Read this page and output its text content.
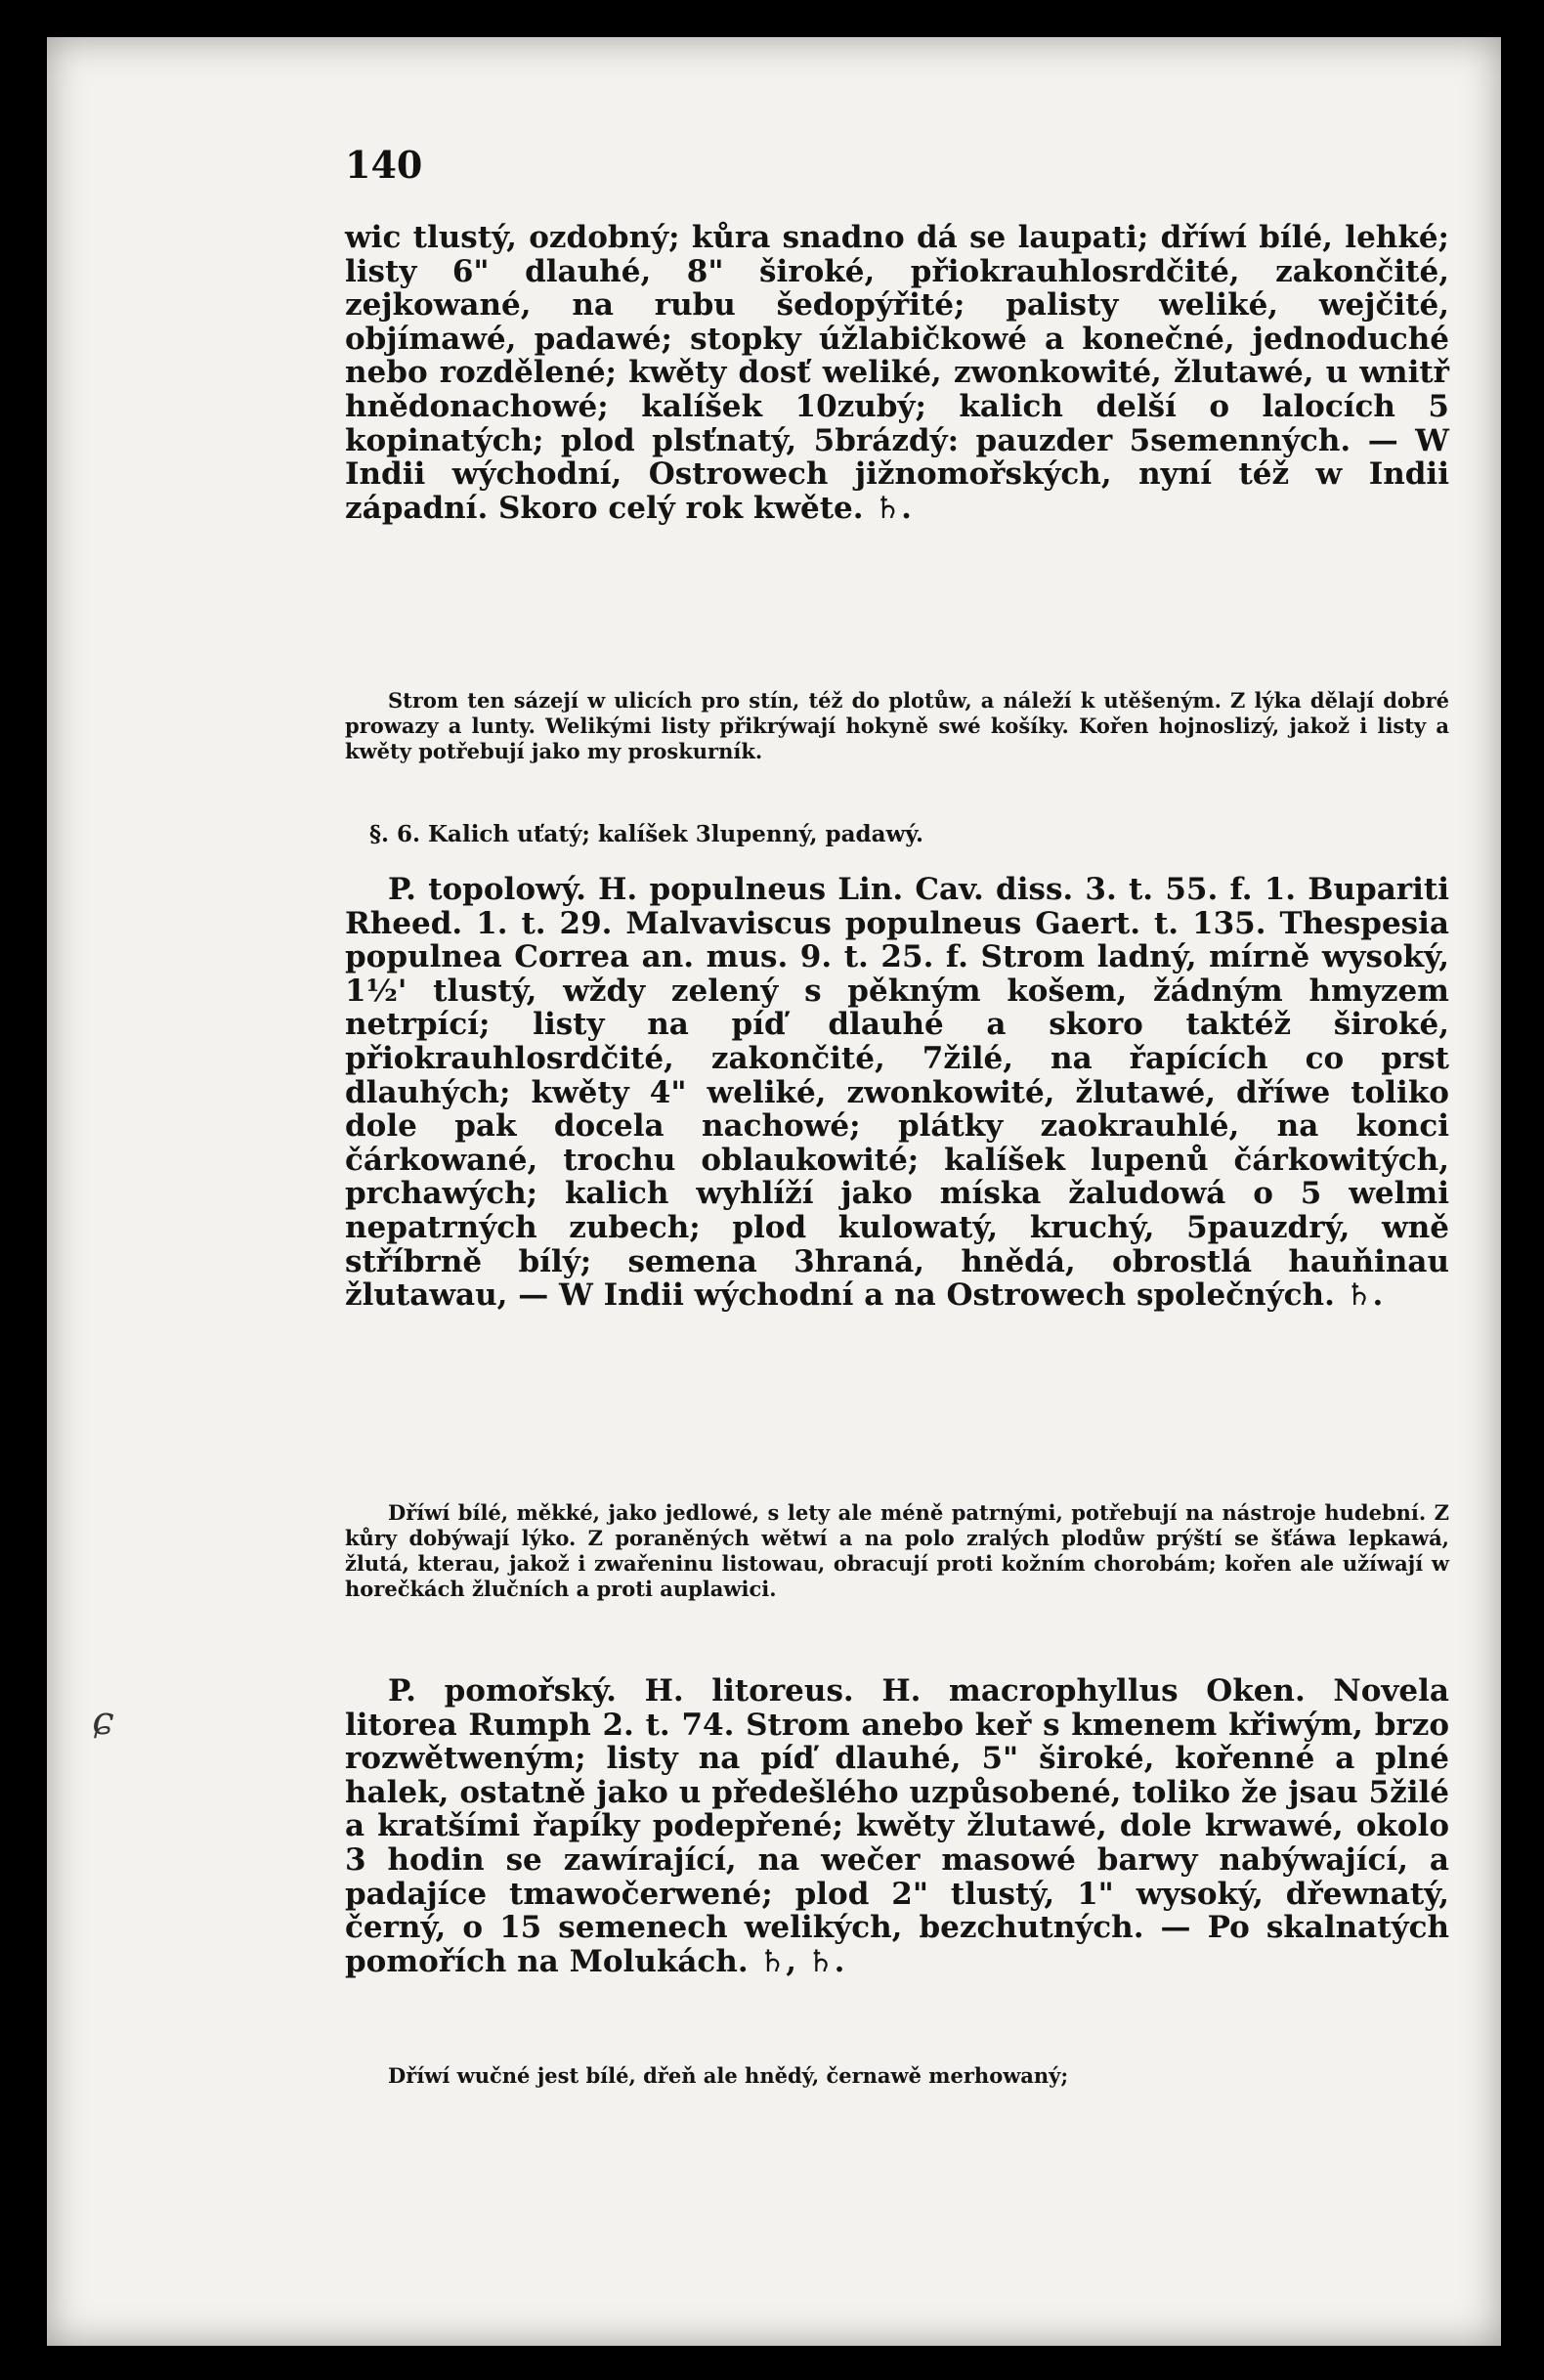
140
wic tlustý, ozdobný; kůra snadno dá se laupati; dříwí bílé, lehké; listy 6" dlauhé, 8" široké, přiokrauhlosrdčité, zakončité, zejkowané, na rubu šedopýřité; palisty weliké, wejčité, objímawé, padawé; stopky úžlabičkowé a konečné, jednoduché nebo rozdělené; kwěty dosť weliké, zwonkowité, žlutawé, u wnitř hnědonachowé; kalíšek 10zubý; kalich delší o lalocích 5 kopinatých; plod plsťnatý, 5brázdý: pauzder 5semenných. — W Indii wýchodní, Ostrowech jižnomořských, nyní též w Indii západní. Skoro celý rok kwěte. ♄.
Strom ten sázejí w ulicích pro stín, též do plotůw, a náleží k utěšeným. Z lýka dělají dobré prowazy a lunty. Welikými listy přikrýwají hokyně swé košíky. Kořen hojnoslizý, jakož i listy a kwěty potřebují jako my proskurník.
§. 6. Kalich uťatý; kalíšek 3lupenný, padawý.
P. topolowý. H. populneus Lin. Cav. diss. 3. t. 55. f. 1. Bupariti Rheed. 1. t. 29. Malvaviscus populneus Gaert. t. 135. Thespesia populnea Correa an. mus. 9. t. 25. f. Strom ladný, mírně wysoký, 1½' tlustý, wždy zelený s pěkným košem, žádným hmyzem netrpící; listy na píď dlauhé a skoro taktéž široké, přiokrauhlosrdčité, zakončité, 7žilé, na řapících co prst dlauhých; kwěty 4" weliké, zwonkowité, žlutawé, dříwe toliko dole pak docela nachowé; plátky zaokrauhlé, na konci čárkowané, trochu oblaukowité; kalíšek lupenů čárkowitých, prchawých; kalich wyhlíží jako míska žaludowá o 5 welmi nepatrných zubech; plod kulowatý, kruchý, 5pauzdrý, wně stříbrně bílý; semena 3hraná, hnědá, obrostlá hauňinau žlutawau, — W Indii wýchodní a na Ostrowech společných. ♄.
Dříwí bílé, měkké, jako jedlowé, s lety ale méně patrnými, potřebují na nástroje hudební. Z kůry dobýwají lýko. Z poraněných wětwí a na polo zralých plodůw prýští se šťáwa lepkawá, žlutá, kterau, jakož i zwařeninu listowau, obracují proti kožním chorobám; kořen ale užíwají w horečkách žlučních a proti auplawici.
P. pomořský. H. litoreus. H. macrophyllus Oken. Novela litorea Rumph 2. t. 74. Strom anebo keř s kmenem křiwým, brzo rozwětweným; listy na píď dlauhé, 5" široké, kořenné a plné halek, ostatně jako u předešlého uzpůsobené, toliko že jsau 5žilé a kratšími řapíky podepřené; kwěty žlutawé, dole krwawé, okolo 3 hodin se zawírající, na wečer masowé barwy nabýwající, a padajíce tmawočerwené; plod 2" tlustý, 1" wysoký, dřewnatý, černý, o 15 semenech welikých, bezchutných. — Po skalnatých pomořích na Molukách. ♄, ♄.
Dříwí wučné jest bílé, dřeň ale hnědý, černawě merhowaný;
ɕ
